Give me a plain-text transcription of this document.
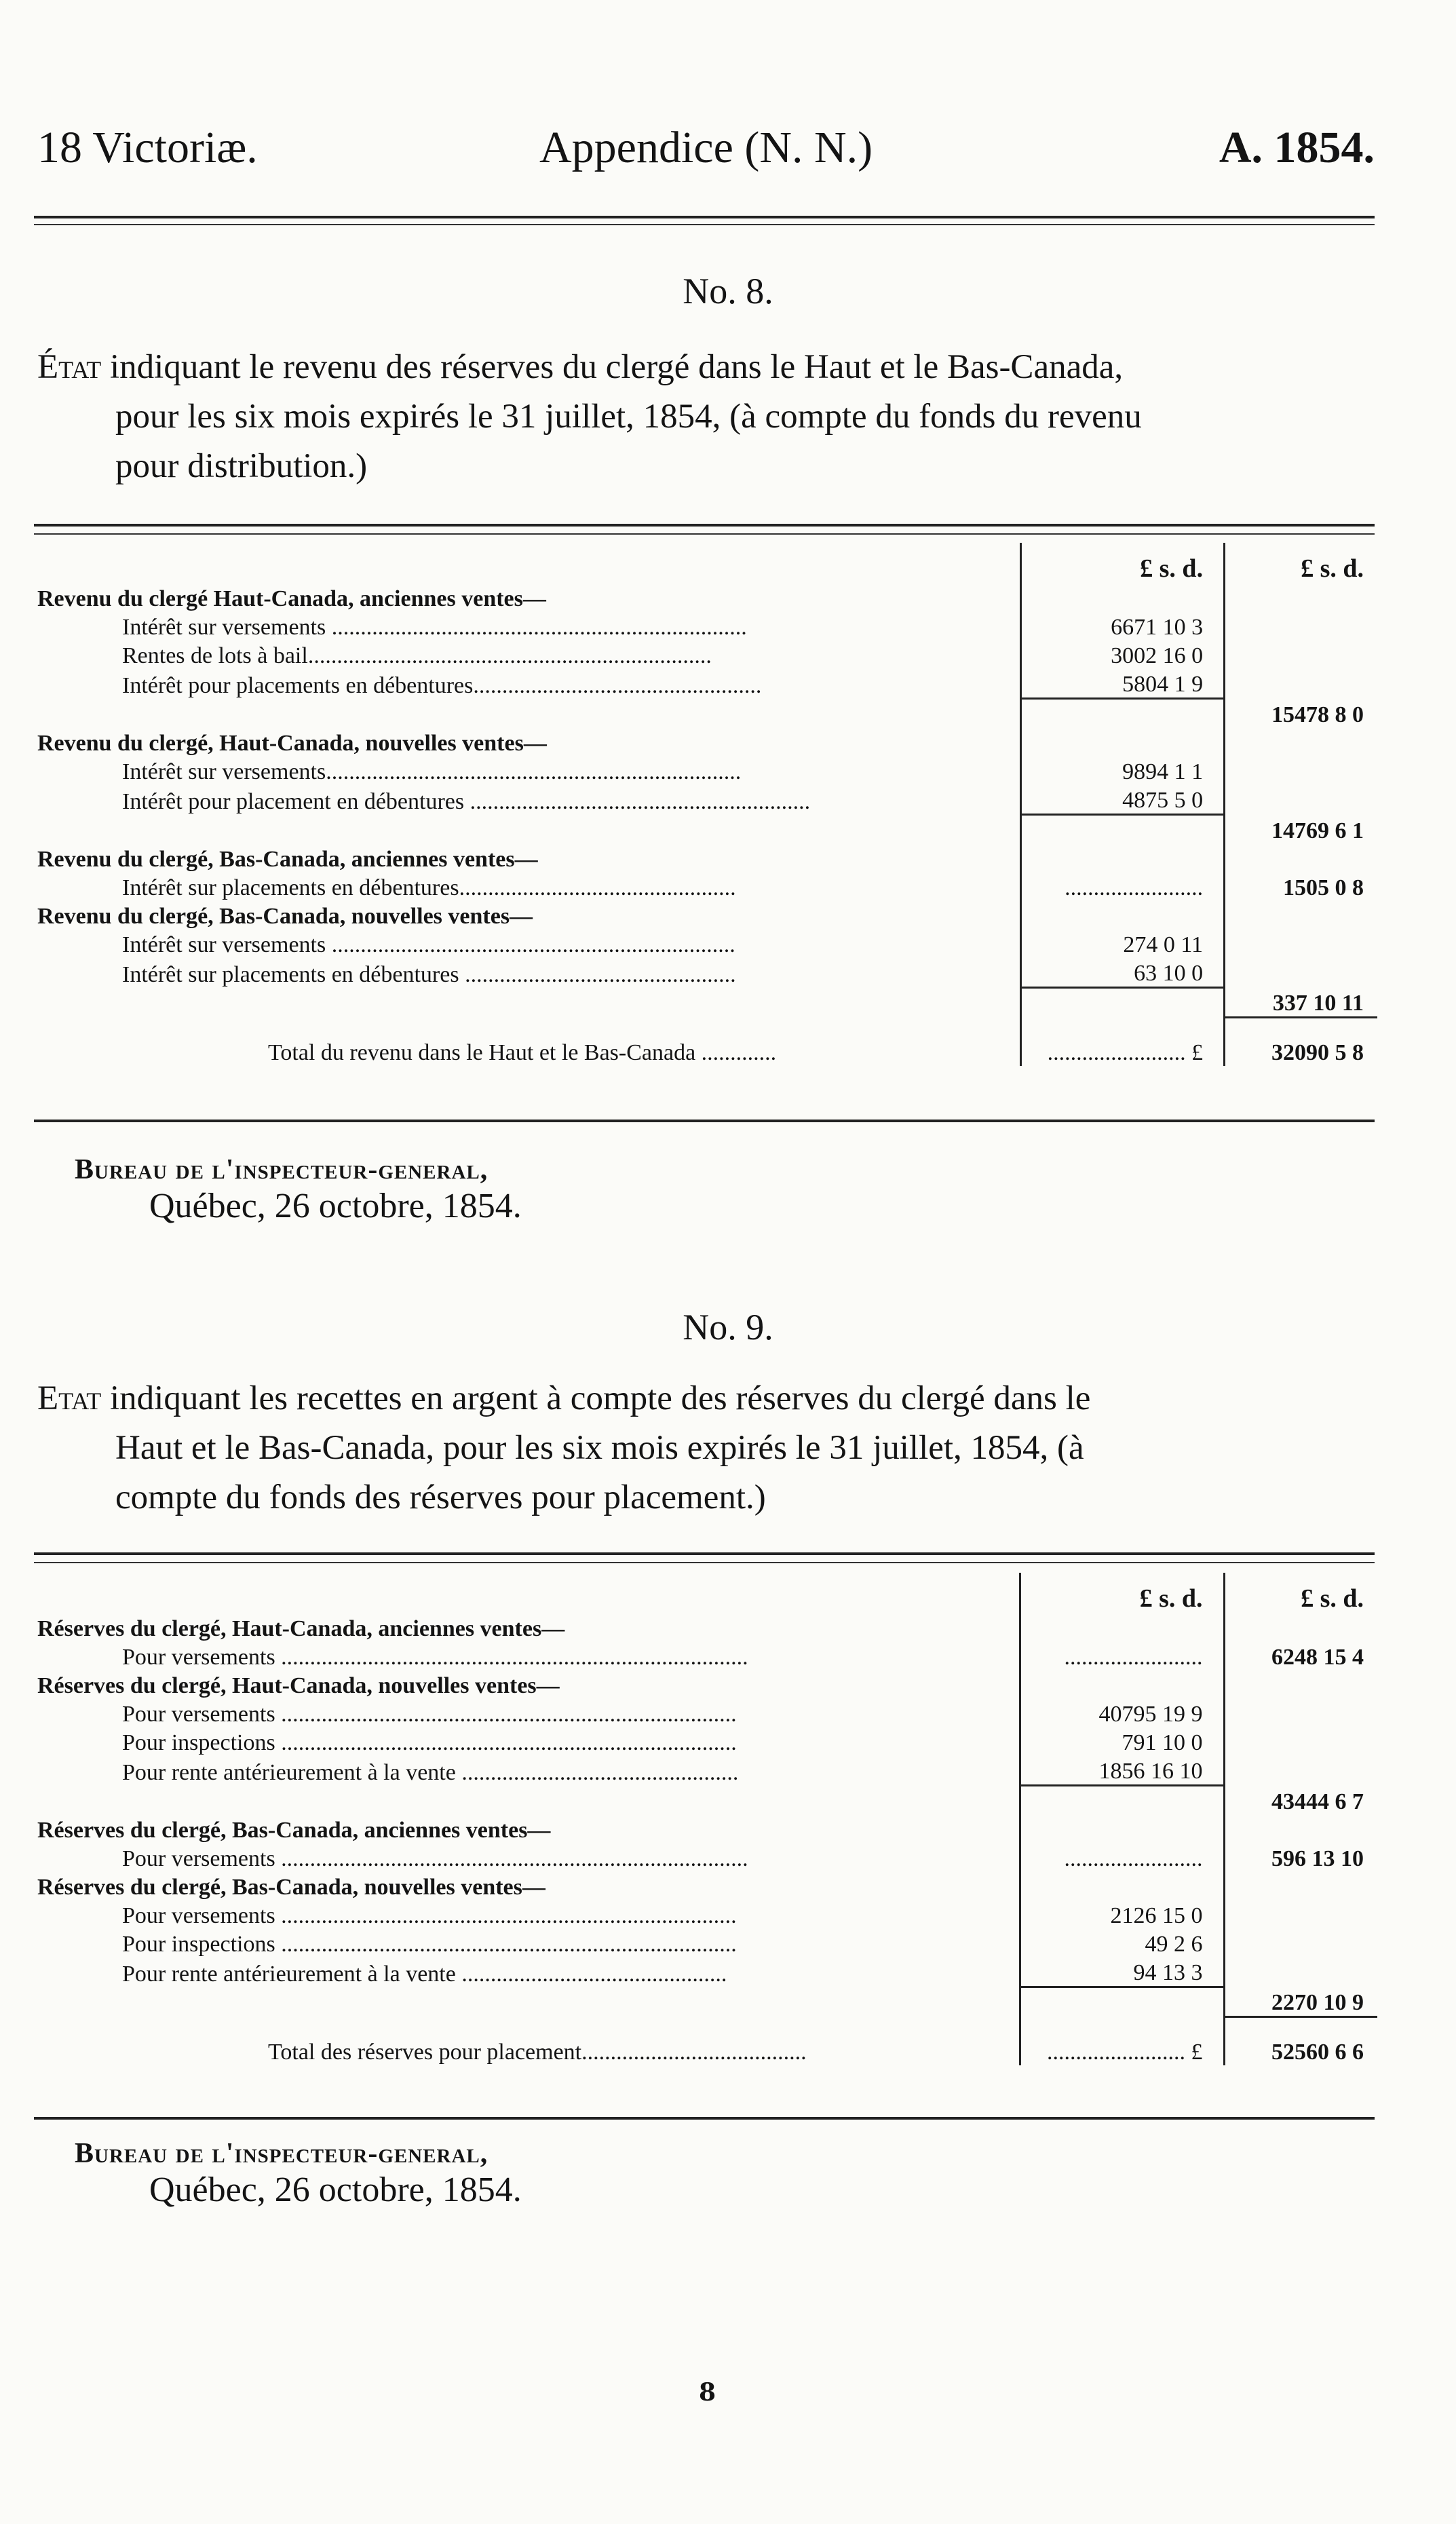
18 Victoriæ.	Appendice (N. N.)	A. 1854.
No. 8.

État indiquant le revenu des réserves du clergé dans le Haut et le Bas-Canada,

pour les six mois expirés le 31 juillet, 1854, (à compte du fonds du revenu

pour distribution.)

	£ s. d.	£ s. d.
Revenu du clergé Haut-Canada, anciennes ventes—		
Intérêt sur versements ........................................................................	6671 10 3	
Rentes de lots à bail......................................................................	3002 16 0	
Intérêt pour placements en débentures..................................................	5804 1 9	
		15478 8 0
Revenu du clergé, Haut-Canada, nouvelles ventes—		
Intérêt sur versements........................................................................	9894 1 1	
Intérêt pour placement en débentures ...........................................................	4875 5 0	
		14769 6 1
Revenu du clergé, Bas-Canada, anciennes ventes—		
Intérêt sur placements en débentures................................................	........................	1505 0 8
Revenu du clergé, Bas-Canada, nouvelles ventes—		
Intérêt sur versements ......................................................................	274 0 11	
Intérêt sur placements en débentures ...............................................	63 10 0	
		337 10 11
Total du revenu dans le Haut et le Bas-Canada .............	........................ £	32090 5 8
Bureau de l'inspecteur-general,
Québec, 26 octobre, 1854.
No. 9.

Etat indiquant les recettes en argent à compte des réserves du clergé dans le

Haut et le Bas-Canada, pour les six mois expirés le 31 juillet, 1854, (à

compte du fonds des réserves pour placement.)

	£ s. d.	£ s. d.
Réserves du clergé, Haut-Canada, anciennes ventes—		
Pour versements .................................................................................	........................	6248 15 4
Réserves du clergé, Haut-Canada, nouvelles ventes—		
Pour versements ...............................................................................	40795 19 9	
Pour inspections ...............................................................................	791 10 0	
Pour rente antérieurement à la vente ................................................	1856 16 10	
		43444 6 7
Réserves du clergé, Bas-Canada, anciennes ventes—		
Pour versements .................................................................................	........................	596 13 10
Réserves du clergé, Bas-Canada, nouvelles ventes—		
Pour versements ...............................................................................	2126 15 0	
Pour inspections ...............................................................................	49 2 6	
Pour rente antérieurement à la vente ..............................................	94 13 3	
		2270 10 9
Total des réserves pour placement.......................................	........................ £	52560 6 6
Bureau de l'inspecteur-general,
Québec, 26 octobre, 1854.
8
